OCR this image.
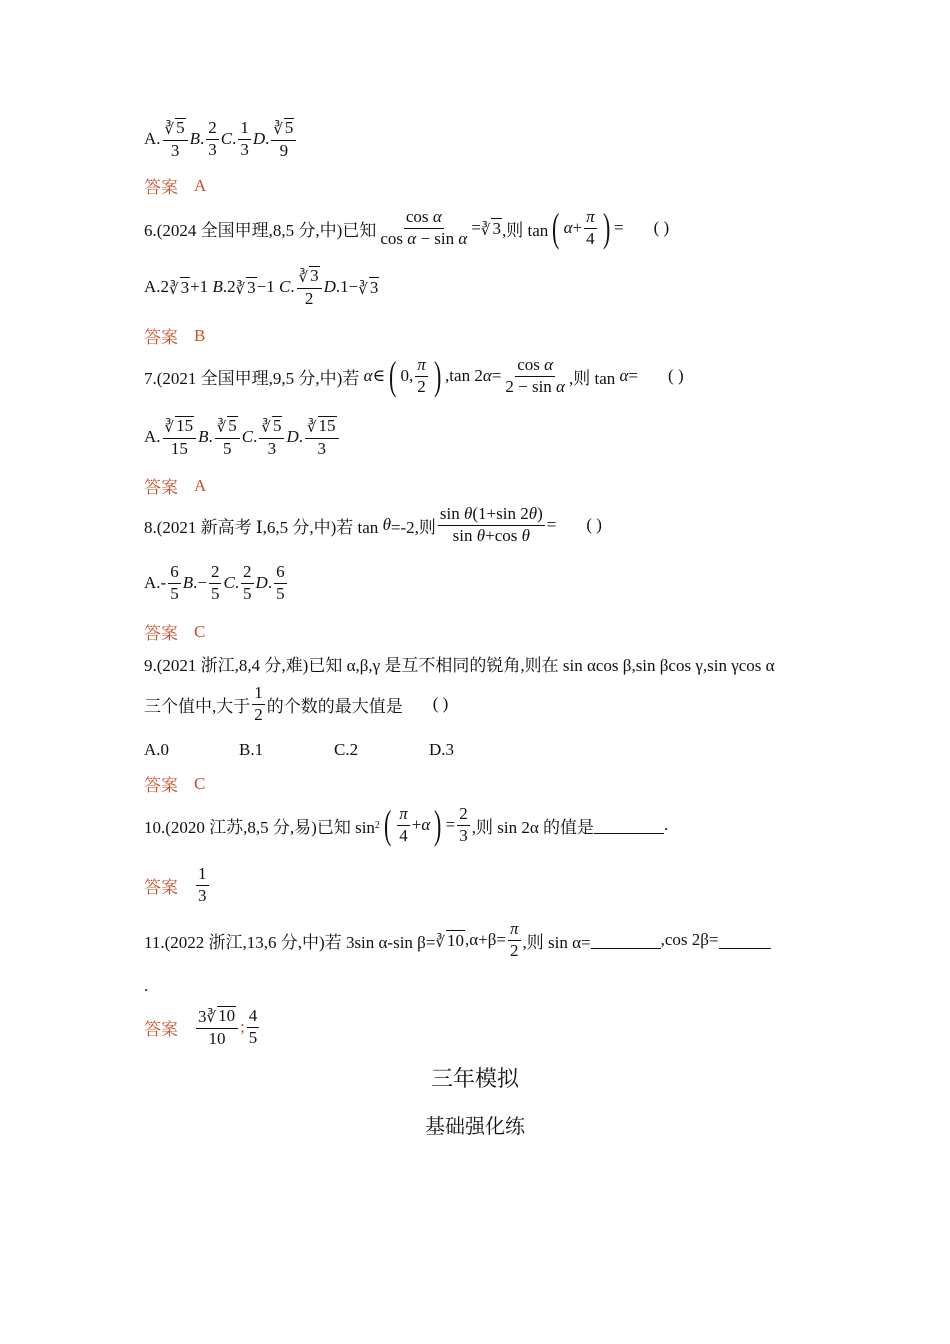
A.
∛ 5
3
B .
2
3
C .
1
3
D .
∛ 5
9
答案 A
6.(2024 全国甲理,8,5 分,中)已知 $\frac{\text{cos α}}{\text{cos α − sin α}}$ = ∛ 3 ,则 tan ( α +
π
4 ) = ( )
A.2 ∛ 3 +1 B .2 ∛ 3 −1 C .
∛ 3
2
D .1− ∛ 3
答案 B
7.(2021 全国甲理,9,5 分,中)若 α ∈ ( 0,
π
2 ) ,tan 2 $\alpha = \frac{\text{cos α}}{\text{2 − sin α}}$ ,则 tan α = ( )
A.
∛ 15
15
B .
∛ 5
5
C .
∛ 5
3
D .
∛ 15
3
答案 A
8.(2021 新高考 Ⅰ,6,5 分,中)若 tan θ =-2,则 $\frac{\text{sin θ(1+sin 2θ)}}{\text{sin θ+cos θ}}$ = ( )
A.-
6
5
B .− $\frac{2}{5}$ C .
2
5
D .
6
5
答案 C
9.(2021 浙江,8,4 分,难)已知 α,β,γ 是互不相同的锐角,则在 sin αcos β,sin βcos γ,sin γcos α
三个值中,大于
1
2 的个数的最大值是 ( )
A.0	B.1	C.2	D.3
答案 C
10.(2020 江苏,8,5 分,易)已知 sin 2 ( π
4
+ α ) = $\frac{2}{3}$ ,则 sin 2α 的值是	.
答案
1
3
11.(2022 浙江,13,6 分,中)若 3sin α-sin β= ∛ 10 $,\alpha+\beta= \frac{\pi}{2}$ ,则 sin α=	,cos 2β=
.
答案
3 ∛ 10
10
;
4
5
三年模拟
基础强化练
